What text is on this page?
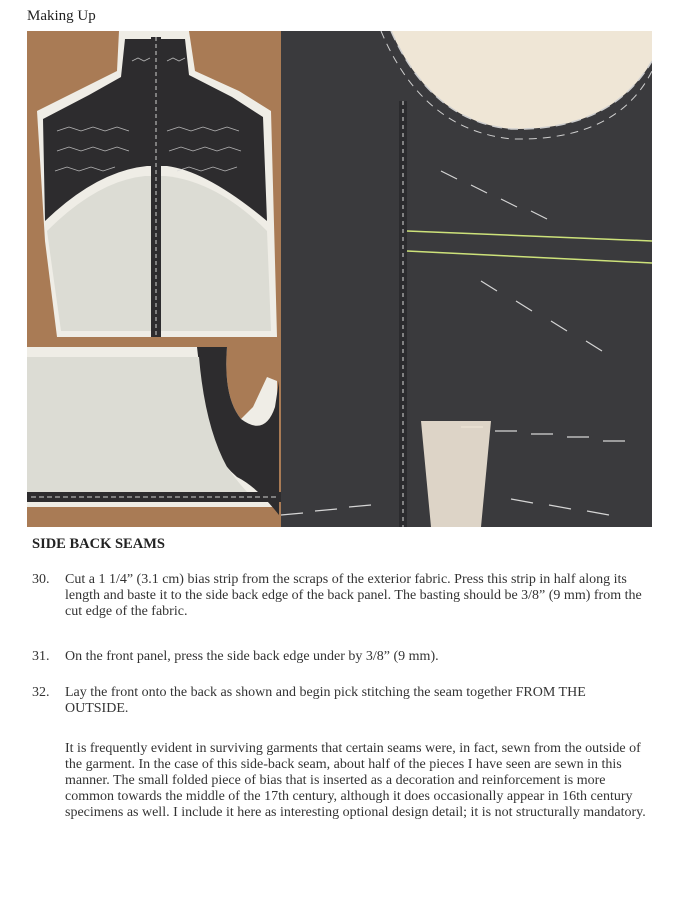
Making Up
SIDE BACK SEAMS
30.	Cut a 1 1/4” (3.1 cm) bias strip from the scraps of the exterior fabric. Press this strip in half along its length and baste it to the side back edge of the back panel. The basting should be 3/8” (9 mm) from the cut edge of the fabric.
31.	On the front panel, press the side back edge under by 3/8” (9 mm).
32.	Lay the front onto the back as shown and begin pick stitching the seam together FROM THE OUTSIDE.
It is frequently evident in surviving garments that certain seams were, in fact, sewn from the outside of the garment. In the case of this side-back seam, about half of the pieces I have seen are sewn in this manner. The small folded piece of bias that is inserted as a decoration and reinforcement is more common towards the middle of the 17th century, although it does occasionally appear in 16th century specimens as well. I include it here as interesting optional design detail; it is not structurally mandatory.
